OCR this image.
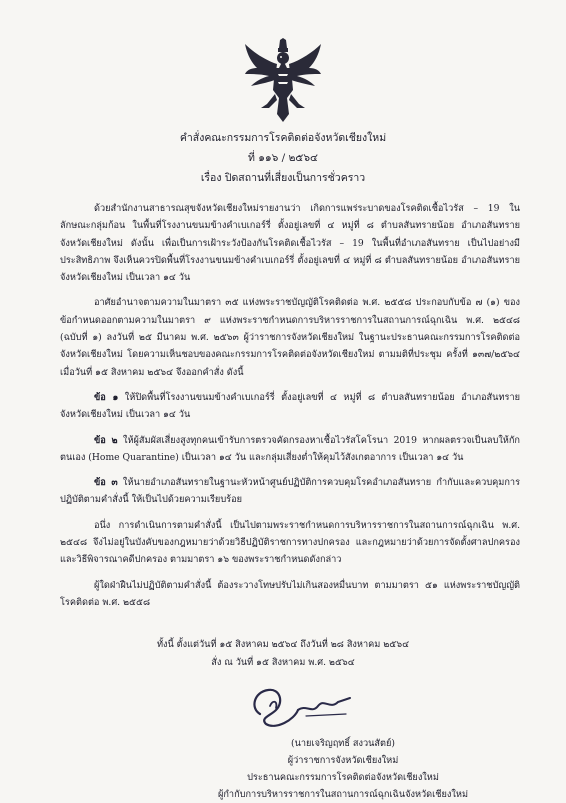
คำสั่งคณะกรรมการโรคติดต่อจังหวัดเชียงใหม่
ที่ ๑๑๖ / ๒๕๖๔
เรื่อง ปิดสถานที่เสี่ยงเป็นการชั่วคราว

ด้วยสำนักงานสาธารณสุขจังหวัดเชียงใหม่รายงานว่า เกิดการแพร่ระบาดของโรคติดเชื้อไวรัส – 19 ในลักษณะกลุ่มก้อน ในพื้นที่โรงงานขนมข้างคำเบเกอร์รี่ ตั้งอยู่เลขที่ ๔ หมู่ที่ ๘ ตำบลสันทรายน้อย อำเภอสันทราย จังหวัดเชียงใหม่ ดังนั้น เพื่อเป็นการเฝ้าระวังป้องกันโรคติดเชื้อไวรัส – 19 ในพื้นที่อำเภอสันทราย เป็นไปอย่างมีประสิทธิภาพ จึงเห็นควรปิดพื้นที่โรงงานขนมข้างคำเบเกอร์รี่ ตั้งอยู่เลขที่ ๔ หมู่ที่ ๘ ตำบลสันทรายน้อย อำเภอสันทราย จังหวัดเชียงใหม่ เป็นเวลา ๑๔ วัน

อาศัยอำนาจตามความในมาตรา ๓๕ แห่งพระราชบัญญัติโรคติดต่อ พ.ศ. ๒๕๕๘ ประกอบกับข้อ ๗ (๑) ของข้อกำหนดออกตามความในมาตรา ๙ แห่งพระราชกำหนดการบริหารราชการในสถานการณ์ฉุกเฉิน พ.ศ. ๒๕๔๘ (ฉบับที่ ๑) ลงวันที่ ๒๕ มีนาคม พ.ศ. ๒๕๖๓ ผู้ว่าราชการจังหวัดเชียงใหม่ ในฐานะประธานคณะกรรมการโรคติดต่อจังหวัดเชียงใหม่ โดยความเห็นชอบของคณะกรรมการโรคติดต่อจังหวัดเชียงใหม่ ตามมติที่ประชุม ครั้งที่ ๑๓๗/๒๕๖๔ เมื่อวันที่ ๑๕ สิงหาคม ๒๕๖๔ จึงออกคำสั่ง ดังนี้

ข้อ ๑ ให้ปิดพื้นที่โรงงานขนมข้างคำเบเกอร์รี่ ตั้งอยู่เลขที่ ๔ หมู่ที่ ๘ ตำบลสันทรายน้อย อำเภอสันทราย จังหวัดเชียงใหม่ เป็นเวลา ๑๔ วัน

ข้อ ๒ ให้ผู้สัมผัสเสี่ยงสูงทุกคนเข้ารับการตรวจคัดกรองหาเชื้อไวรัสโคโรนา 2019 หากผลตรวจเป็นลบให้กักตนเอง (Home Quarantine) เป็นเวลา ๑๔ วัน และกลุ่มเสี่ยงต่ำให้คุมไว้สังเกตอาการ เป็นเวลา ๑๔ วัน

ข้อ ๓ ให้นายอำเภอสันทรายในฐานะหัวหน้าศูนย์ปฏิบัติการควบคุมโรคอำเภอสันทราย กำกับและควบคุมการปฏิบัติตามคำสั่งนี้ ให้เป็นไปด้วยความเรียบร้อย

อนึ่ง การดำเนินการตามคำสั่งนี้ เป็นไปตามพระราชกำหนดการบริหารราชการในสถานการณ์ฉุกเฉิน พ.ศ. ๒๕๔๘ จึงไม่อยู่ในบังคับของกฎหมายว่าด้วยวิธีปฏิบัติราชการทางปกครอง และกฎหมายว่าด้วยการจัดตั้งศาลปกครองและวิธีพิจารณาคดีปกครอง ตามมาตรา ๑๖ ของพระราชกำหนดดังกล่าว

ผู้ใดฝ่าฝืนไม่ปฏิบัติตามคำสั่งนี้ ต้องระวางโทษปรับไม่เกินสองหมื่นบาท ตามมาตรา ๕๑ แห่งพระราชบัญญัติโรคติดต่อ พ.ศ. ๒๕๕๘

ทั้งนี้ ตั้งแต่วันที่ ๑๕ สิงหาคม ๒๕๖๔ ถึงวันที่ ๒๘ สิงหาคม ๒๕๖๔
สั่ง ณ วันที่ ๑๕ สิงหาคม พ.ศ. ๒๕๖๔
(นายเจริญฤทธิ์ สงวนสัตย์)
ผู้ว่าราชการจังหวัดเชียงใหม่
ประธานคณะกรรมการโรคติดต่อจังหวัดเชียงใหม่
ผู้กำกับการบริหารราชการในสถานการณ์ฉุกเฉินจังหวัดเชียงใหม่
